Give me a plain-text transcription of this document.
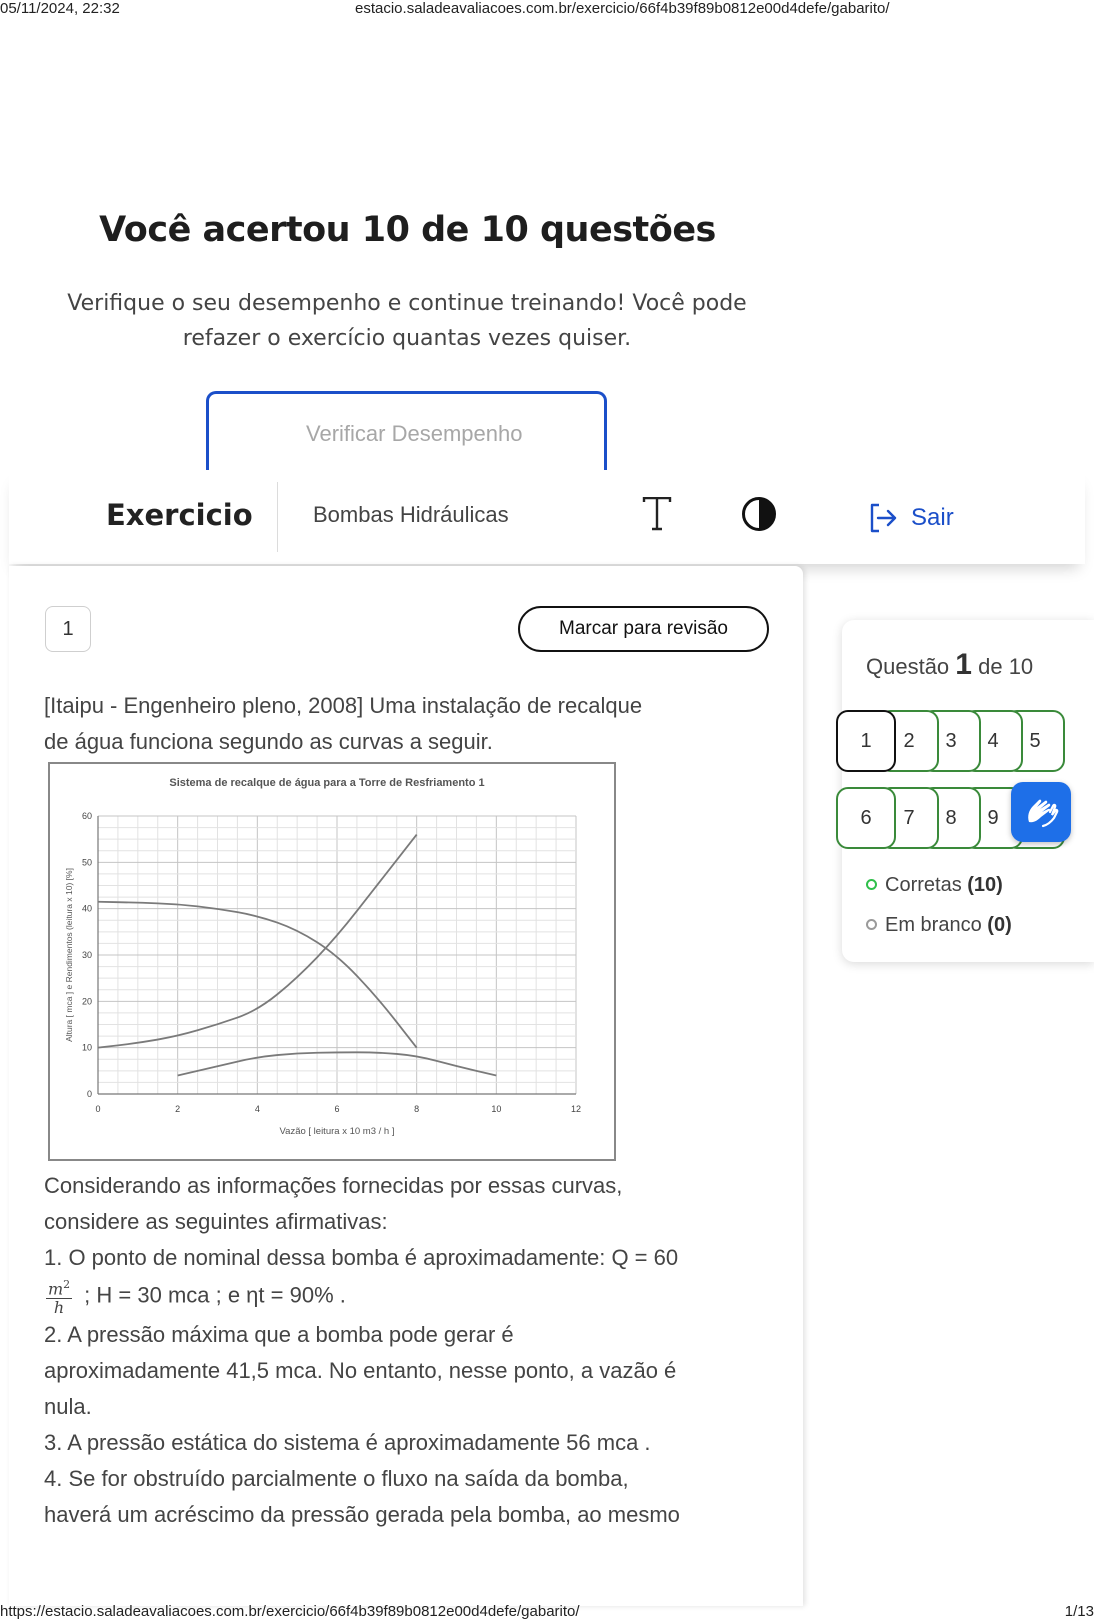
05/11/2024, 22:32	estacio.saladeavaliacoes.com.br/exercicio/66f4b39f89b0812e00d4defe/gabarito/
Você acertou 10 de 10 questões
Verifique o seu desempenho e continue treinando! Você pode
refazer o exercício quantas vezes quiser.
Verificar Desempenho
Exercicio	Bombas Hidráulicas	Sair
1	Marcar para revisão
[Itaipu - Engenheiro pleno, 2008] Uma instalação de recalque
de água funciona segundo as curvas a seguir.
0	2	4	6	8	10	12
0
10
20
30
40
50
60
Sistema de recalque de água para a Torre de Resfriamento 1
Vazão [ leitura x 10 m3 / h ]
Altura [ mca ] e Rendimentos (leitura x 10) [%]
Considerando as informações fornecidas por essas curvas,
considere as seguintes afirmativas:
1. O ponto de nominal dessa bomba é aproximadamente: Q = 60
$\frac{m^2}{h}$ ; H = 30 mca ; e ηt = 90% .
2. A pressão máxima que a bomba pode gerar é
aproximadamente 41,5 mca. No entanto, nesse ponto, a vazão é
nula.
3. A pressão estática do sistema é aproximadamente 56 mca .
4. Se for obstruído parcialmente o fluxo na saída da bomba,
haverá um acréscimo da pressão gerada pela bomba, ao mesmo
Questão 1 de 10
5
4
3
2
1
9
8
7
6
Corretas (10)
Em branco (0)
https://estacio.saladeavaliacoes.com.br/exercicio/66f4b39f89b0812e00d4defe/gabarito/	1/13
